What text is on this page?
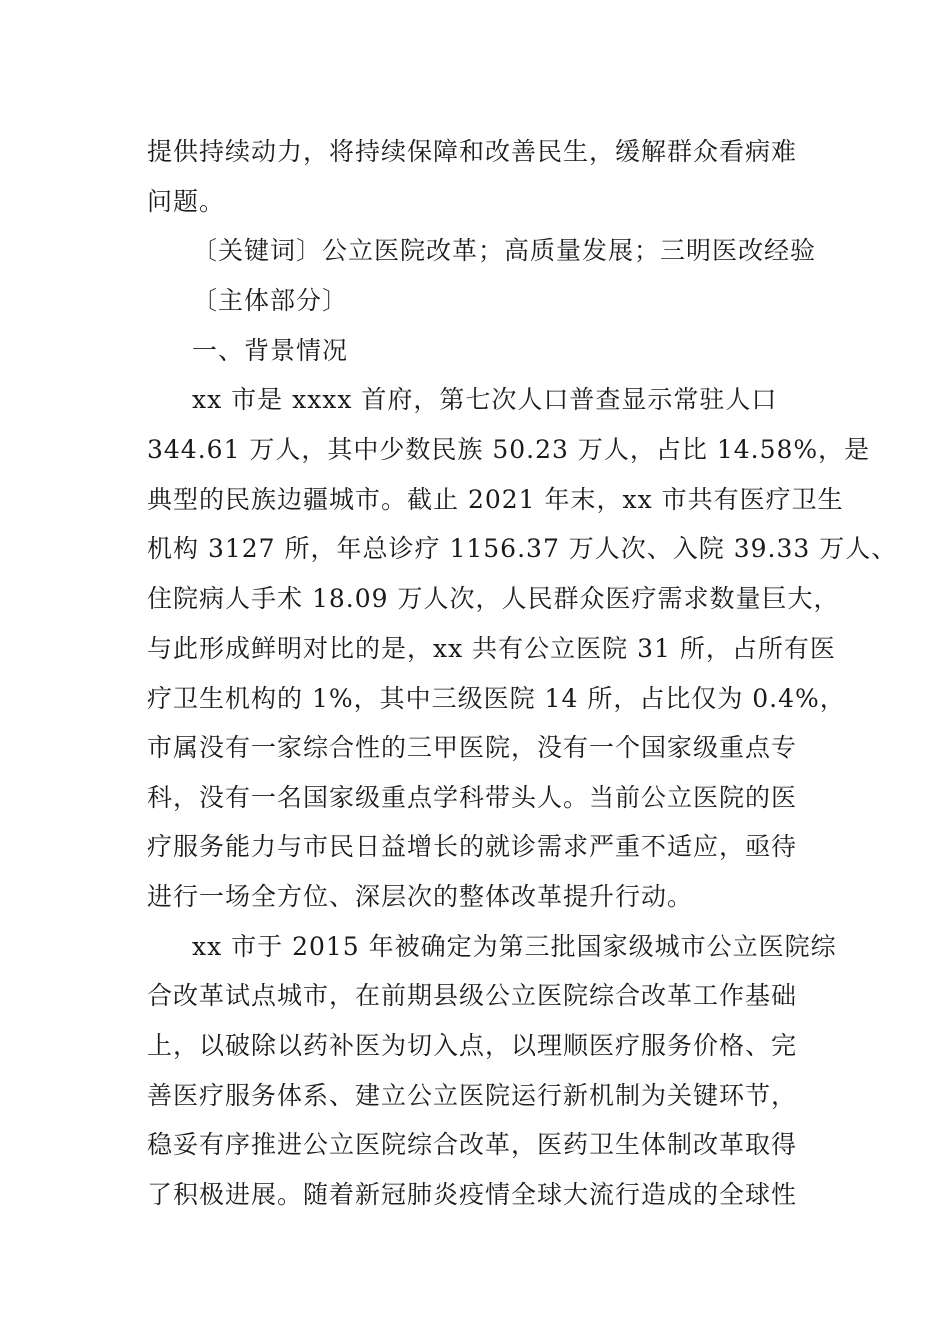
提供持续动力，将持续保障和改善民生，缓解群众看病难
问题。
〔关键词〕公立医院改革；高质量发展；三明医改经验
〔主体部分〕
一、背景情况
xx 市是 xxxx 首府，第七次人口普查显示常驻人口
344.61 万人，其中少数民族 50.23 万人，占比 14.58%，是
典型的民族边疆城市。截止 2021 年末，xx 市共有医疗卫生
机构 3127 所，年总诊疗 1156.37 万人次、入院 39.33 万人、
住院病人手术 18.09 万人次，人民群众医疗需求数量巨大，
与此形成鲜明对比的是，xx 共有公立医院 31 所，占所有医
疗卫生机构的 1%，其中三级医院 14 所，占比仅为 0.4%，
市属没有一家综合性的三甲医院，没有一个国家级重点专
科，没有一名国家级重点学科带头人。当前公立医院的医
疗服务能力与市民日益增长的就诊需求严重不适应，亟待
进行一场全方位、深层次的整体改革提升行动。
xx 市于 2015 年被确定为第三批国家级城市公立医院综
合改革试点城市，在前期县级公立医院综合改革工作基础
上，以破除以药补医为切入点，以理顺医疗服务价格、完
善医疗服务体系、建立公立医院运行新机制为关键环节，
稳妥有序推进公立医院综合改革，医药卫生体制改革取得
了积极进展。随着新冠肺炎疫情全球大流行造成的全球性
